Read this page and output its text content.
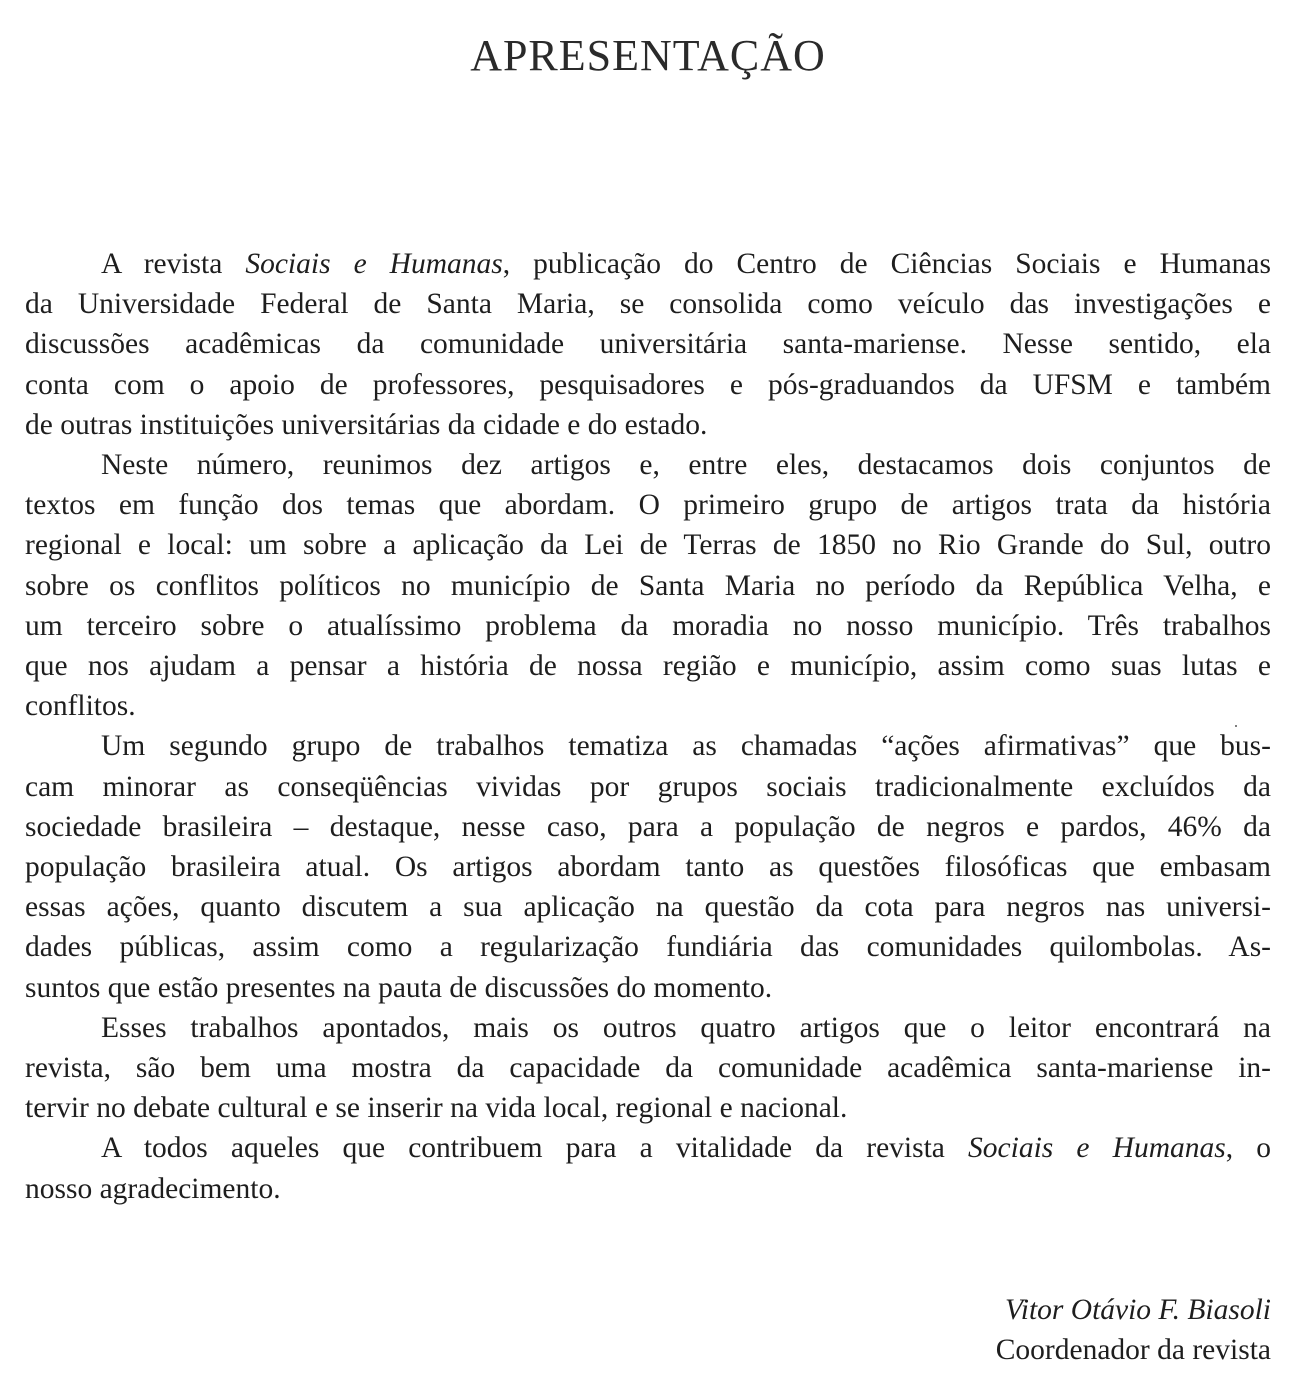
APRESENTAÇÃO
A revista Sociais e Humanas, publicação do Centro de Ciências Sociais e Humanas
da Universidade Federal de Santa Maria, se consolida como veículo das investigações e
discussões acadêmicas da comunidade universitária santa-mariense. Nesse sentido, ela
conta com o apoio de professores, pesquisadores e pós-graduandos da UFSM e também
de outras instituições universitárias da cidade e do estado.
Neste número, reunimos dez artigos e, entre eles, destacamos dois conjuntos de
textos em função dos temas que abordam. O primeiro grupo de artigos trata da história
regional e local: um sobre a aplicação da Lei de Terras de 1850 no Rio Grande do Sul, outro
sobre os conflitos políticos no município de Santa Maria no período da República Velha, e
um terceiro sobre o atualíssimo problema da moradia no nosso município. Três trabalhos
que nos ajudam a pensar a história de nossa região e município, assim como suas lutas e
conflitos.
Um segundo grupo de trabalhos tematiza as chamadas “ações afirmativas” que bus-
cam minorar as conseqüências vividas por grupos sociais tradicionalmente excluídos da
sociedade brasileira – destaque, nesse caso, para a população de negros e pardos, 46% da
população brasileira atual. Os artigos abordam tanto as questões filosóficas que embasam
essas ações, quanto discutem a sua aplicação na questão da cota para negros nas universi-
dades públicas, assim como a regularização fundiária das comunidades quilombolas. As-
suntos que estão presentes na pauta de discussões do momento.
Esses trabalhos apontados, mais os outros quatro artigos que o leitor encontrará na
revista, são bem uma mostra da capacidade da comunidade acadêmica santa-mariense in-
tervir no debate cultural e se inserir na vida local, regional e nacional.
A todos aqueles que contribuem para a vitalidade da revista Sociais e Humanas, o
nosso agradecimento.
Vitor Otávio F. Biasoli
Coordenador da revista
